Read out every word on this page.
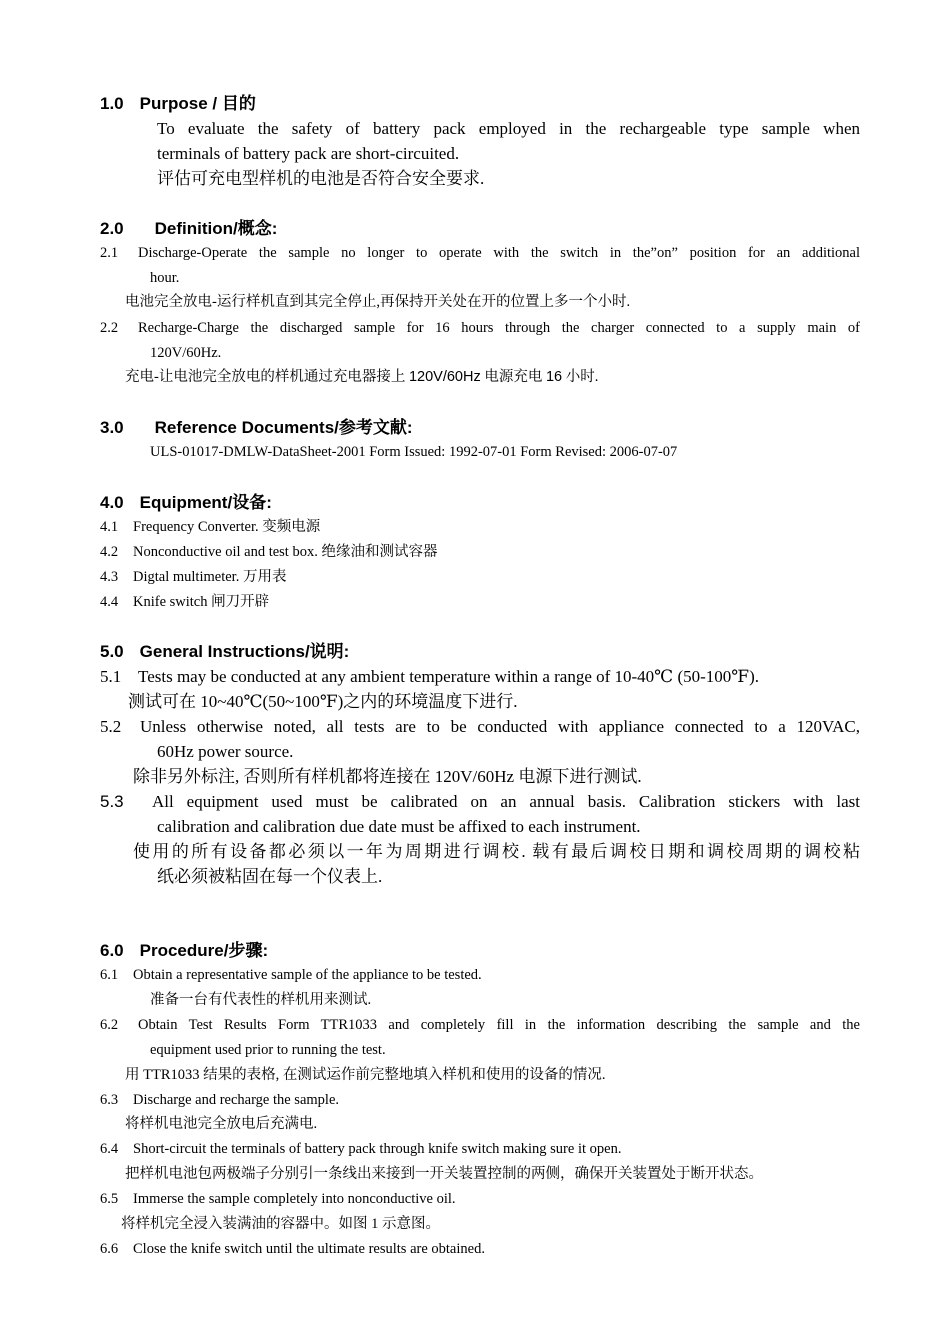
1.0 Purpose / 目的
To evaluate the safety of battery pack employed in the rechargeable type sample when
terminals of battery pack are short-circuited.
评估可充电型样机的电池是否符合安全要求.
2.0 Definition/概念:
2.1 Discharge-Operate the sample no longer to operate with the switch in the”on” position for an additional
hour.
电池完全放电-运行样机直到其完全停止,再保持开关处在开的位置上多一个小时.
2.2 Recharge-Charge the discharged sample for 16 hours through the charger connected to a supply main of
120V/60Hz.
充电-让电池完全放电的样机通过充电器接上 120V/60Hz 电源充电 16 小时.
3.0 Reference Documents/参考文献:
ULS-01017-DMLW-DataSheet-2001 Form Issued: 1992-07-01 Form Revised: 2006-07-07
4.0 Equipment/设备:
4.1 Frequency Converter. 变频电源
4.2 Nonconductive oil and test box. 绝缘油和测试容器
4.3 Digtal multimeter. 万用表
4.4 Knife switch 闸刀开辟
5.0 General Instructions/说明:
5.1 Tests may be conducted at any ambient temperature within a range of 10-40℃ (50-100℉).
测试可在 10~40℃(50~100℉)之内的环境温度下进行.
5.2 Unless otherwise noted, all tests are to be conducted with appliance connected to a 120VAC,
60Hz power source.
除非另外标注, 否则所有样机都将连接在 120V/60Hz 电源下进行测试.
5.3 All equipment used must be calibrated on an annual basis. Calibration stickers with last
calibration and calibration due date must be affixed to each instrument.
使用的所有设备都必须以一年为周期进行调校. 载有最后调校日期和调校周期的调校粘
纸必须被粘固在每一个仪表上.
6.0 Procedure/步骤:
6.1 Obtain a representative sample of the appliance to be tested.
准备一台有代表性的样机用来测试.
6.2 Obtain Test Results Form TTR1033 and completely fill in the information describing the sample and the
equipment used prior to running the test.
用 TTR1033 结果的表格, 在测试运作前完整地填入样机和使用的设备的情况.
6.3 Discharge and recharge the sample.
将样机电池完全放电后充满电.
6.4 Short-circuit the terminals of battery pack through knife switch making sure it open.
把样机电池包两极端子分别引一条线出来接到一开关装置控制的两侧，确保开关装置处于断开状态。
6.5 Immerse the sample completely into nonconductive oil.
将样机完全浸入装满油的容器中。如图 1 示意图。
6.6 Close the knife switch until the ultimate results are obtained.
